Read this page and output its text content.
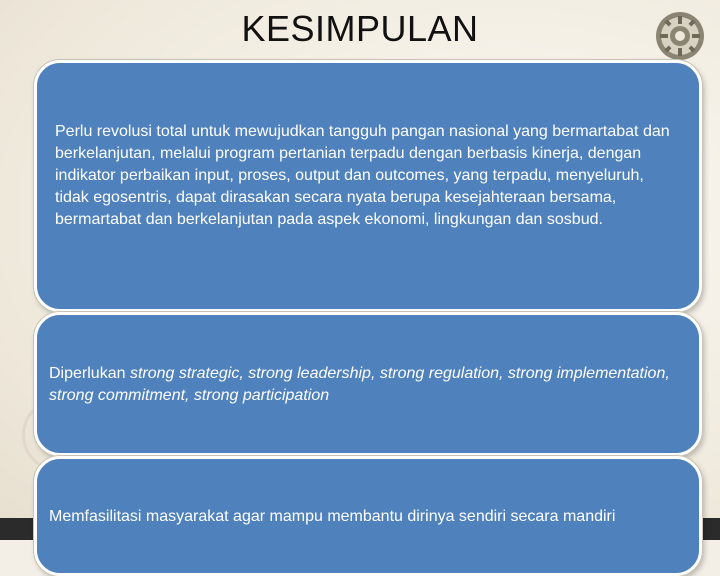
KESIMPULAN
Perlu revolusi total untuk mewujudkan tangguh pangan nasional yang bermartabat dan berkelanjutan, melalui program pertanian terpadu dengan berbasis kinerja, dengan indikator perbaikan input, proses, output dan outcomes, yang terpadu, menyeluruh, tidak egosentris, dapat dirasakan secara nyata berupa kesejahteraan bersama, bermartabat dan berkelanjutan pada aspek ekonomi, lingkungan dan sosbud.
Diperlukan strong strategic, strong leadership, strong regulation, strong implementation, strong commitment, strong participation
Memfasilitasi masyarakat agar mampu membantu dirinya sendiri secara mandiri
